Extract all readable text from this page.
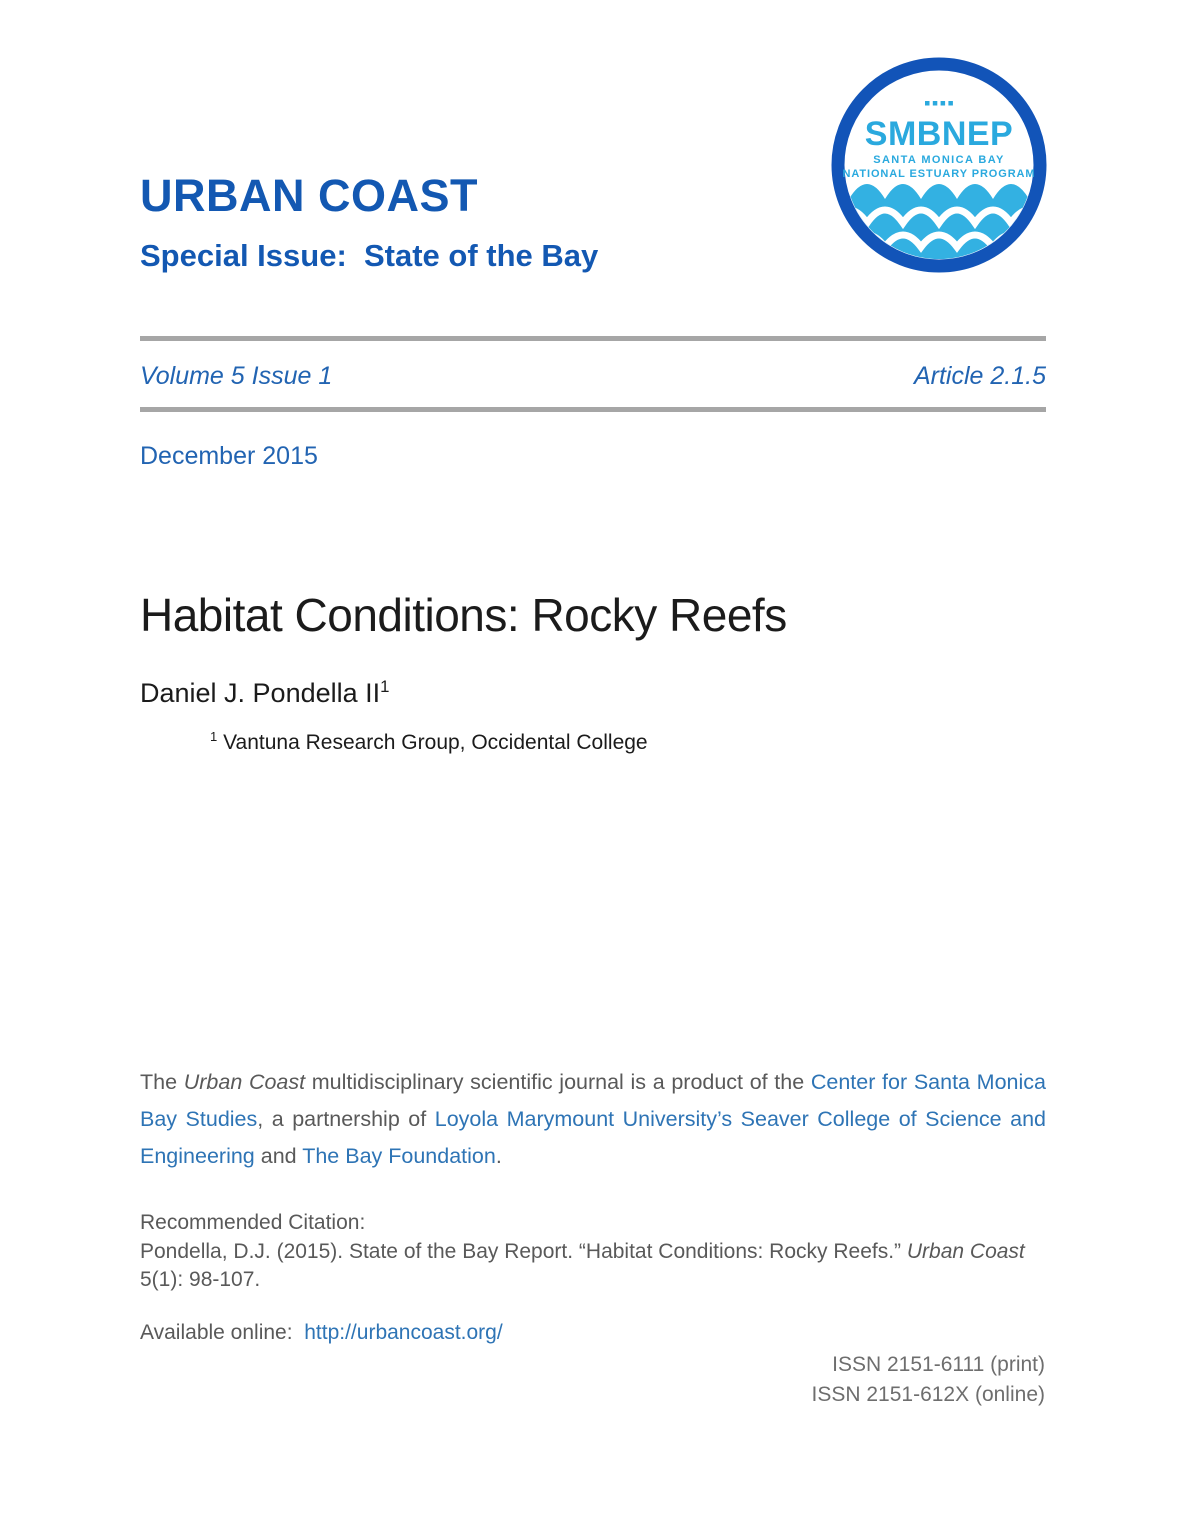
URBAN COAST
Special Issue:  State of the Bay
SMBNEP
SANTA MONICA BAY
NATIONAL ESTUARY PROGRAM
Volume 5 Issue 1	Article 2.1.5
December 2015
Habitat Conditions: Rocky Reefs
Daniel J. Pondella $II^1$
$^1$ Vantuna Research Group, Occidental College
The Urban Coast multidisciplinary scientific journal is a product of the Center for Santa Monica Bay Studies, a partnership of Loyola Marymount University’s Seaver College of Science and Engineering and The Bay Foundation.

Recommended Citation:

Pondella, D.J. (2015). State of the Bay Report. “Habitat Conditions: Rocky Reefs.” Urban Coast 5(1): 98-107.

Available online:  http://urbancoast.org/
ISSN 2151-6111 (print)
ISSN 2151-612X (online)
